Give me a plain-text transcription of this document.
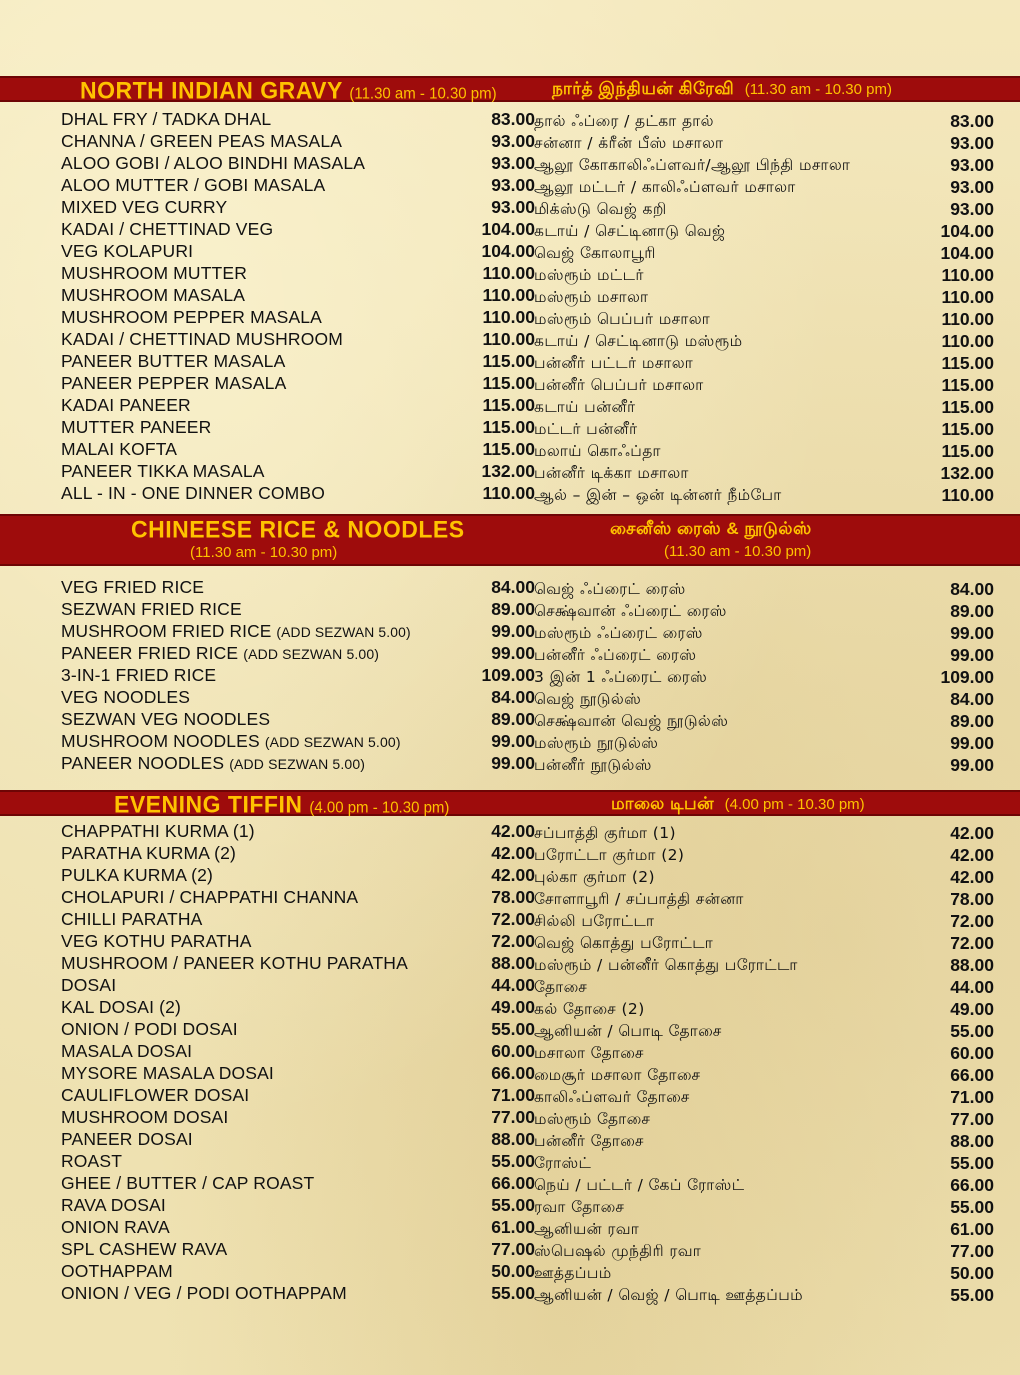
NORTH INDIAN GRAVY (11.30 am - 10.30 pm)	நார்த் இந்தியன் கிரேவி (11.30 am - 10.30 pm)
DHAL FRY / TADKA DHAL	83.00
CHANNA / GREEN PEAS MASALA	93.00
ALOO GOBI / ALOO BINDHI MASALA	93.00
ALOO MUTTER / GOBI MASALA	93.00
MIXED VEG CURRY	93.00
KADAI / CHETTINAD VEG	104.00
VEG KOLAPURI	104.00
MUSHROOM MUTTER	110.00
MUSHROOM MASALA	110.00
MUSHROOM PEPPER MASALA	110.00
KADAI / CHETTINAD MUSHROOM	110.00
PANEER BUTTER MASALA	115.00
PANEER PEPPER MASALA	115.00
KADAI PANEER	115.00
MUTTER PANEER	115.00
MALAI KOFTA	115.00
PANEER TIKKA MASALA	132.00
ALL - IN - ONE DINNER COMBO	110.00
தால் ஃப்ரை / தட்கா தால்	83.00
சன்னா / க்ரீன் பீஸ் மசாலா	93.00
ஆலூ கோகாலிஃப்ளவர்/ஆலூ பிந்தி மசாலா	93.00
ஆலூ மட்டர் / காலிஃப்ளவர் மசாலா	93.00
மிக்ஸ்டு வெஜ் கறி	93.00
கடாய் / செட்டினாடு வெஜ்	104.00
வெஜ் கோலாபூரி	104.00
மஸ்ரூம் மட்டர்	110.00
மஸ்ரூம் மசாலா	110.00
மஸ்ரூம் பெப்பர் மசாலா	110.00
கடாய் / செட்டினாடு மஸ்ரூம்	110.00
பன்னீர் பட்டர் மசாலா	115.00
பன்னீர் பெப்பர் மசாலா	115.00
கடாய் பன்னீர்	115.00
மட்டர் பன்னீர்	115.00
மலாய் கொஃப்தா	115.00
பன்னீர் டிக்கா மசாலா	132.00
ஆல் – இன் – ஒன் டின்னர் நீம்போ	110.00
CHINEESE RICE & NOODLES
(11.30 am - 10.30 pm)
சைனீஸ் ரைஸ் & நூடுல்ஸ்
(11.30 am - 10.30 pm)
VEG FRIED RICE	84.00
SEZWAN FRIED RICE	89.00
MUSHROOM FRIED RICE (ADD SEZWAN 5.00)	99.00
PANEER FRIED RICE (ADD SEZWAN 5.00)	99.00
3-IN-1 FRIED RICE	109.00
VEG NOODLES	84.00
SEZWAN VEG NOODLES	89.00
MUSHROOM NOODLES (ADD SEZWAN 5.00)	99.00
PANEER NOODLES (ADD SEZWAN 5.00)	99.00
வெஜ் ஃப்ரைட் ரைஸ்	84.00
செக்ஷ்வான் ஃப்ரைட் ரைஸ்	89.00
மஸ்ரூம் ஃப்ரைட் ரைஸ்	99.00
பன்னீர் ஃப்ரைட் ரைஸ்	99.00
3 இன் 1 ஃப்ரைட் ரைஸ்	109.00
வெஜ் நூடுல்ஸ்	84.00
செக்ஷ்வான் வெஜ் நூடுல்ஸ்	89.00
மஸ்ரூம் நூடுல்ஸ்	99.00
பன்னீர் நூடுல்ஸ்	99.00
EVENING TIFFIN (4.00 pm - 10.30 pm)	மாலை டிபன் (4.00 pm - 10.30 pm)
CHAPPATHI KURMA (1)	42.00
PARATHA KURMA (2)	42.00
PULKA KURMA (2)	42.00
CHOLAPURI / CHAPPATHI CHANNA	78.00
CHILLI PARATHA	72.00
VEG KOTHU PARATHA	72.00
MUSHROOM / PANEER KOTHU PARATHA	88.00
DOSAI	44.00
KAL DOSAI (2)	49.00
ONION / PODI DOSAI	55.00
MASALA DOSAI	60.00
MYSORE MASALA DOSAI	66.00
CAULIFLOWER DOSAI	71.00
MUSHROOM DOSAI	77.00
PANEER DOSAI	88.00
ROAST	55.00
GHEE / BUTTER / CAP ROAST	66.00
RAVA DOSAI	55.00
ONION RAVA	61.00
SPL CASHEW RAVA	77.00
OOTHAPPAM	50.00
ONION / VEG / PODI OOTHAPPAM	55.00
சப்பாத்தி குர்மா (1)	42.00
பரோட்டா குர்மா (2)	42.00
புல்கா குர்மா (2)	42.00
சோளாபூரி / சப்பாத்தி சன்னா	78.00
சில்லி பரோட்டா	72.00
வெஜ் கொத்து பரோட்டா	72.00
மஸ்ரூம் / பன்னீர் கொத்து பரோட்டா	88.00
தோசை	44.00
கல் தோசை (2)	49.00
ஆனியன் / பொடி தோசை	55.00
மசாலா தோசை	60.00
மைசூர் மசாலா தோசை	66.00
காலிஃப்ளவர் தோசை	71.00
மஸ்ரூம் தோசை	77.00
பன்னீர் தோசை	88.00
ரோஸ்ட்	55.00
நெய் / பட்டர் / கேப் ரோஸ்ட்	66.00
ரவா தோசை	55.00
ஆனியன் ரவா	61.00
ஸ்பெஷல் முந்திரி ரவா	77.00
ஊத்தப்பம்	50.00
ஆனியன் / வெஜ் / பொடி ஊத்தப்பம்	55.00
